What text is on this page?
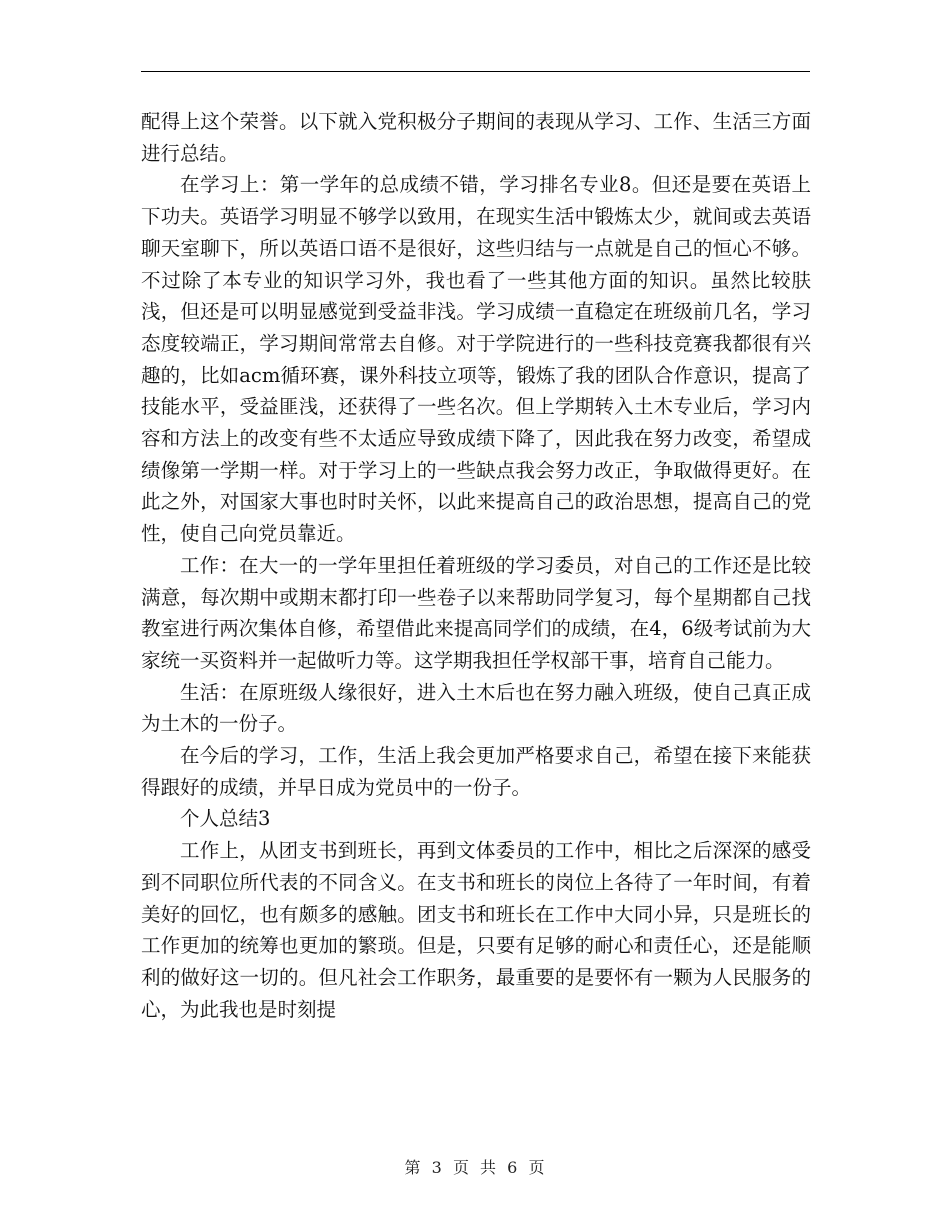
配得上这个荣誉。以下就入党积极分子期间的表现从学习、工作、生活三方面进行总结。

在学习上：第一学年的总成绩不错，学习排名专业8。但还是要在英语上下功夫。英语学习明显不够学以致用，在现实生活中锻炼太少，就间或去英语聊天室聊下，所以英语口语不是很好，这些归结与一点就是自己的恒心不够。不过除了本专业的知识学习外，我也看了一些其他方面的知识。虽然比较肤浅，但还是可以明显感觉到受益非浅。学习成绩一直稳定在班级前几名，学习态度较端正，学习期间常常去自修。对于学院进行的一些科技竞赛我都很有兴趣的，比如acm循环赛，课外科技立项等，锻炼了我的团队合作意识，提高了技能水平，受益匪浅，还获得了一些名次。但上学期转入土木专业后，学习内容和方法上的改变有些不太适应导致成绩下降了，因此我在努力改变，希望成绩像第一学期一样。对于学习上的一些缺点我会努力改正，争取做得更好。在此之外，对国家大事也时时关怀，以此来提高自己的政治思想，提高自己的党性，使自己向党员靠近。

工作：在大一的一学年里担任着班级的学习委员，对自己的工作还是比较满意，每次期中或期末都打印一些卷子以来帮助同学复习，每个星期都自己找教室进行两次集体自修，希望借此来提高同学们的成绩，在4，6级考试前为大家统一买资料并一起做听力等。这学期我担任学权部干事，培育自己能力。

生活：在原班级人缘很好，进入土木后也在努力融入班级，使自己真正成为土木的一份子。

在今后的学习，工作，生活上我会更加严格要求自己，希望在接下来能获得跟好的成绩，并早日成为党员中的一份子。

个人总结3

工作上，从团支书到班长，再到文体委员的工作中，相比之后深深的感受到不同职位所代表的不同含义。在支书和班长的岗位上各待了一年时间，有着美好的回忆，也有颇多的感触。团支书和班长在工作中大同小异，只是班长的工作更加的统筹也更加的繁琐。但是，只要有足够的耐心和责任心，还是能顺利的做好这一切的。但凡社会工作职务，最重要的是要怀有一颗为人民服务的心，为此我也是时刻提

第 3 页 共 6 页
